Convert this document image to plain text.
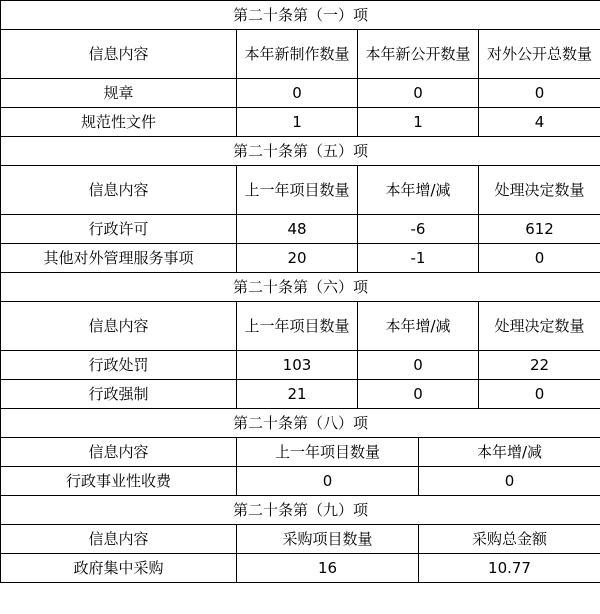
第二十条第（一）项			
信息内容	本年新制作数量	本年新公开数量	对外公开总数量
规章	0	0	0
规范性文件	1	1	4
第二十条第（五）项			
信息内容	上一年项目数量	本年增/减	处理决定数量
行政许可	48	-6	612
其他对外管理服务事项	20	-1	0
第二十条第（六）项			
信息内容	上一年项目数量	本年增/减	处理决定数量
行政处罚	103	0	22
行政强制	21	0	0
第二十条第（八）项		
信息内容	上一年项目数量	本年增/减
行政事业性收费	0	0
第二十条第（九）项		
信息内容	采购项目数量	采购总金额
政府集中采购	16	10.77
